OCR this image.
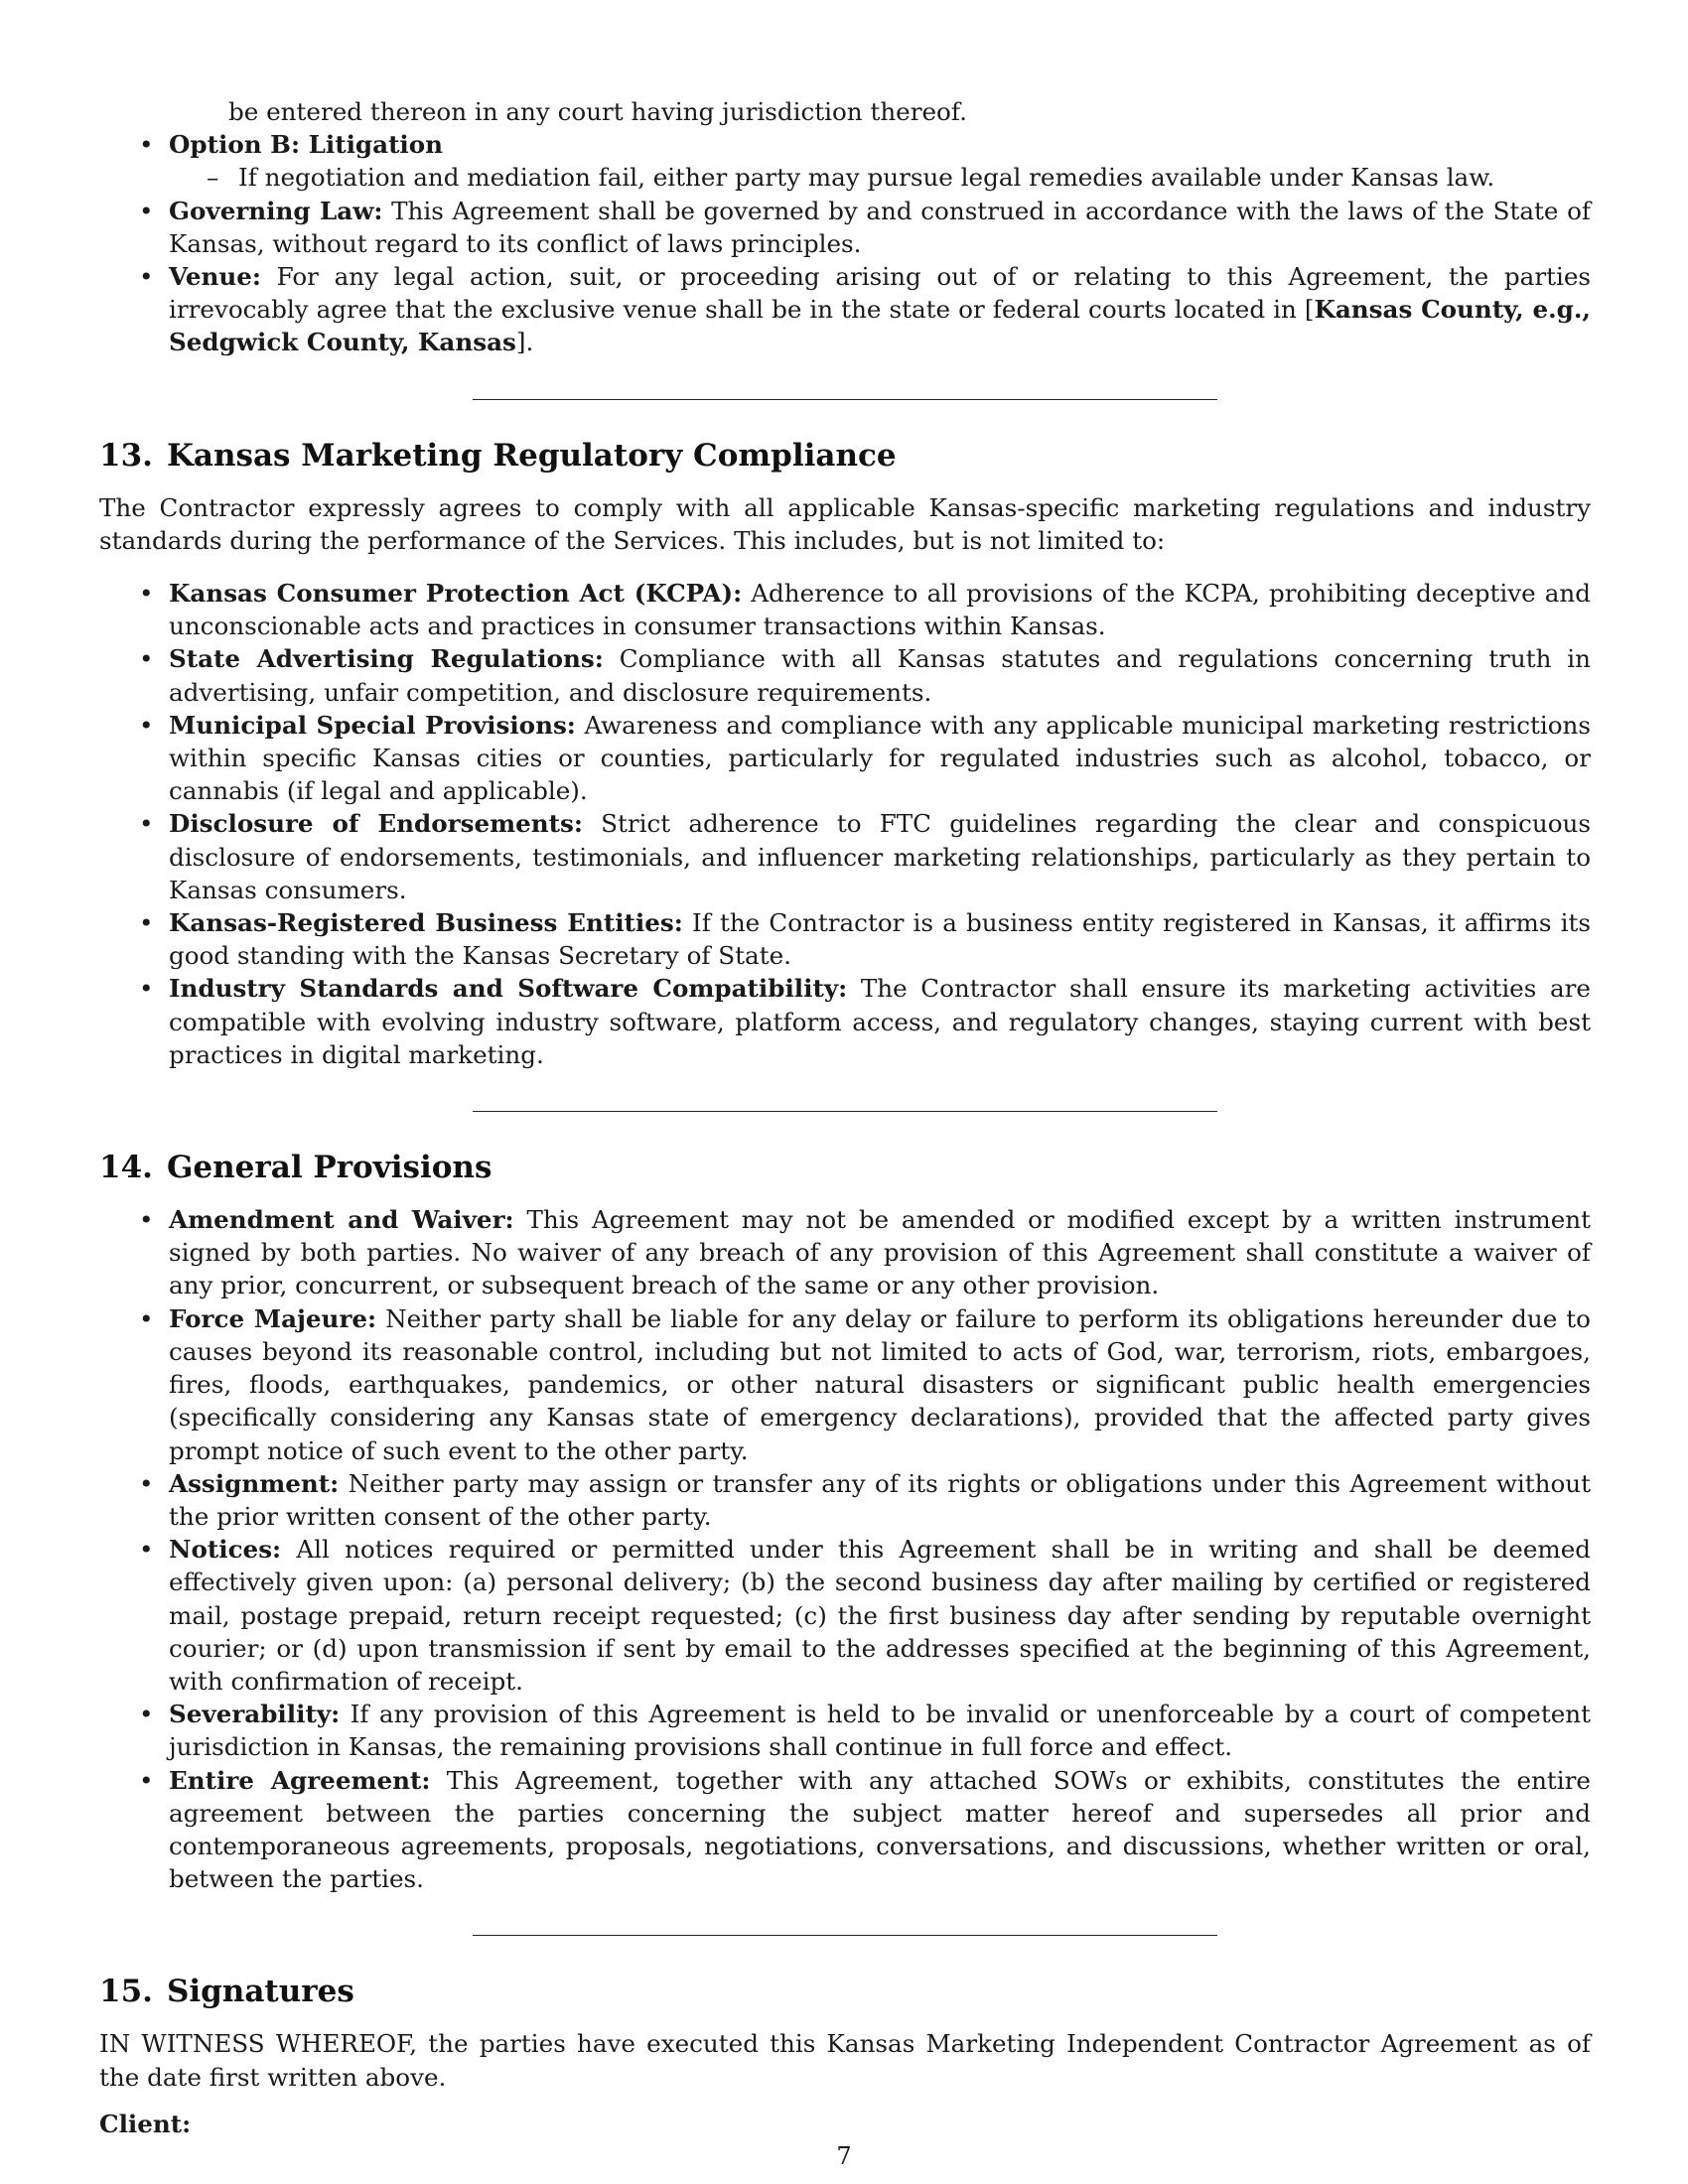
be entered thereon in any court having jurisdiction thereof.

• Option B: Litigation
– If negotiation and mediation fail, either party may pursue legal remedies available under Kansas law.
• Governing Law: This Agreement shall be governed by and construed in accordance with the laws of the State of Kansas, without regard to its conflict of laws principles.
• Venue: For any legal action, suit, or proceeding arising out of or relating to this Agreement, the parties irrevocably agree that the exclusive venue shall be in the state or federal courts located in [Kansas County, e.g., Sedgwick County, Kansas].
13. Kansas Marketing Regulatory Compliance

The Contractor expressly agrees to comply with all applicable Kansas-specific marketing regulations and industry standards during the performance of the Services. This includes, but is not limited to:

• Kansas Consumer Protection Act (KCPA): Adherence to all provisions of the KCPA, prohibiting deceptive and unconscionable acts and practices in consumer transactions within Kansas.
• State Advertising Regulations: Compliance with all Kansas statutes and regulations concerning truth in advertising, unfair competition, and disclosure requirements.
• Municipal Special Provisions: Awareness and compliance with any applicable municipal marketing restrictions within specific Kansas cities or counties, particularly for regulated industries such as alcohol, tobacco, or cannabis (if legal and applicable).
• Disclosure of Endorsements: Strict adherence to FTC guidelines regarding the clear and conspicuous disclosure of endorsements, testimonials, and influencer marketing relationships, particularly as they pertain to Kansas consumers.
• Kansas-Registered Business Entities: If the Contractor is a business entity registered in Kansas, it affirms its good standing with the Kansas Secretary of State.
• Industry Standards and Software Compatibility: The Contractor shall ensure its marketing activities are compatible with evolving industry software, platform access, and regulatory changes, staying current with best practices in digital marketing.
14. General Provisions
• Amendment and Waiver: This Agreement may not be amended or modified except by a written instrument signed by both parties. No waiver of any breach of any provision of this Agreement shall constitute a waiver of any prior, concurrent, or subsequent breach of the same or any other provision.
• Force Majeure: Neither party shall be liable for any delay or failure to perform its obligations hereunder due to causes beyond its reasonable control, including but not limited to acts of God, war, terrorism, riots, embargoes, fires, floods, earthquakes, pandemics, or other natural disasters or significant public health emergencies (specifically considering any Kansas state of emergency declarations), provided that the affected party gives prompt notice of such event to the other party.
• Assignment: Neither party may assign or transfer any of its rights or obligations under this Agreement without the prior written consent of the other party.
• Notices: All notices required or permitted under this Agreement shall be in writing and shall be deemed effectively given upon: (a) personal delivery; (b) the second business day after mailing by certified or registered mail, postage prepaid, return receipt requested; (c) the first business day after sending by reputable overnight courier; or (d) upon transmission if sent by email to the addresses specified at the beginning of this Agreement, with confirmation of receipt.
• Severability: If any provision of this Agreement is held to be invalid or unenforceable by a court of competent jurisdiction in Kansas, the remaining provisions shall continue in full force and effect.
• Entire Agreement: This Agreement, together with any attached SOWs or exhibits, constitutes the entire agreement between the parties concerning the subject matter hereof and supersedes all prior and contemporaneous agreements, proposals, negotiations, conversations, and discussions, whether written or oral, between the parties.
15. Signatures

IN WITNESS WHEREOF, the parties have executed this Kansas Marketing Independent Contractor Agreement as of the date first written above.

Client:

7
